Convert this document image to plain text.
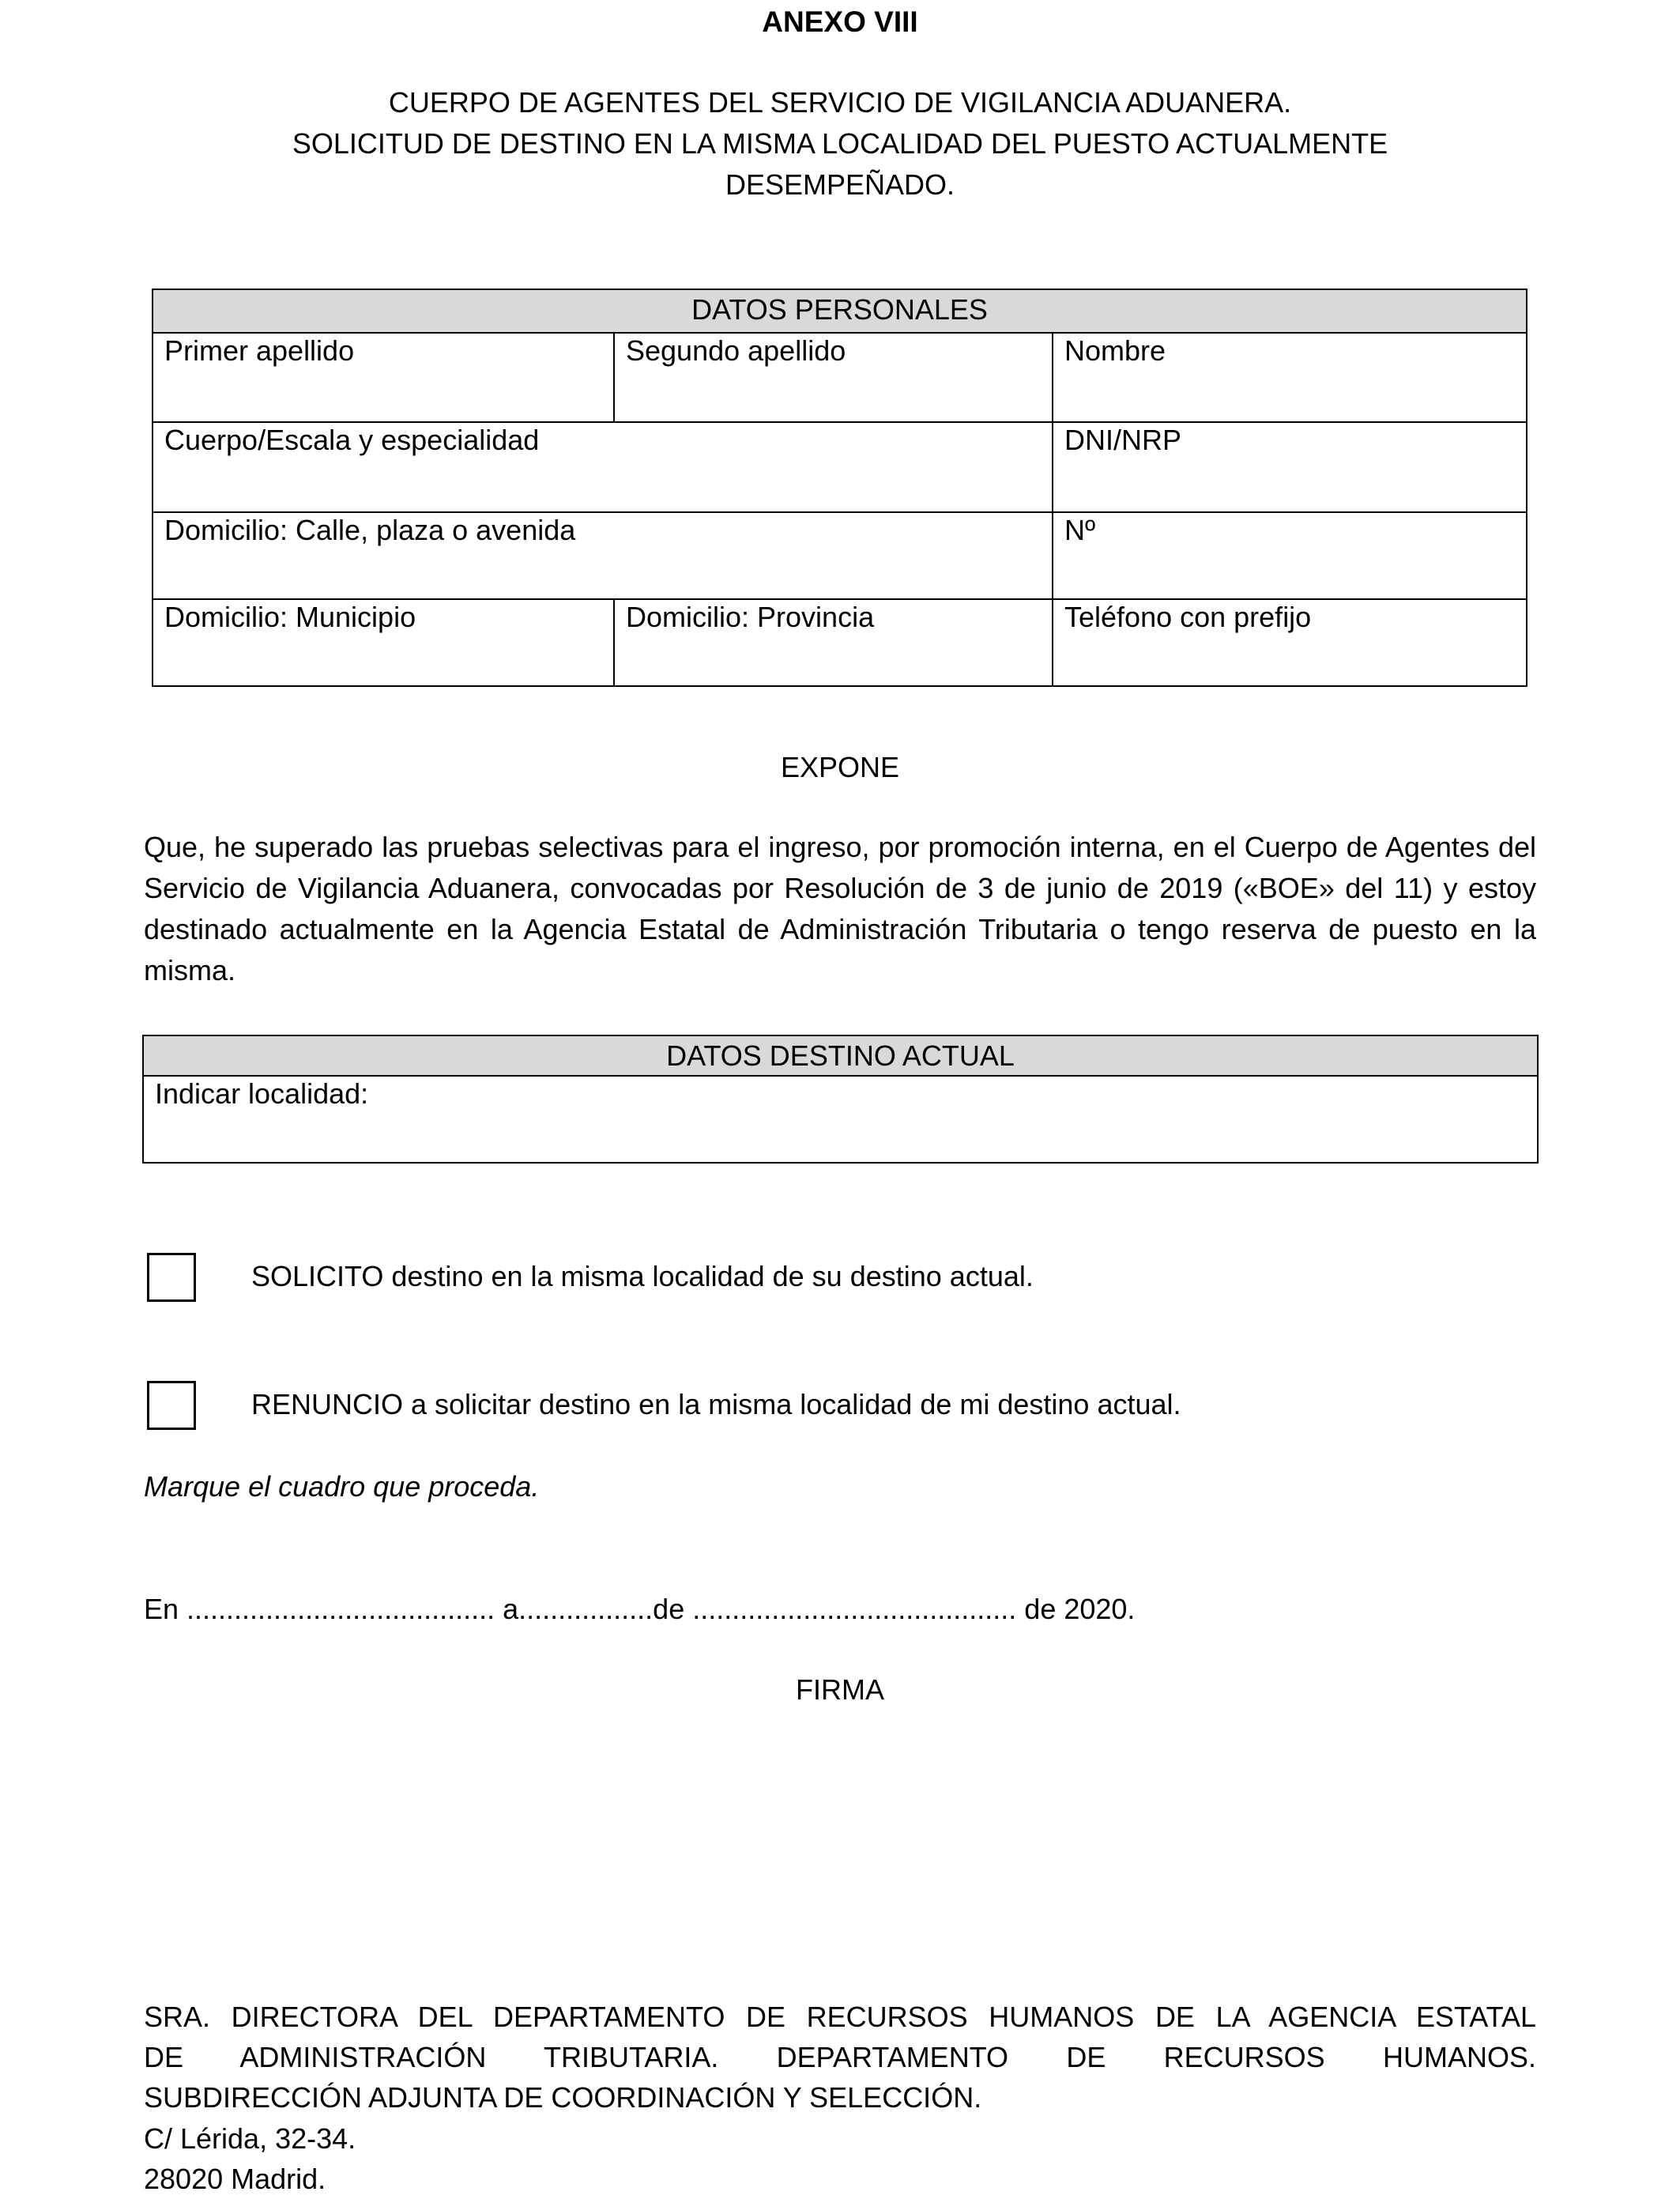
ANEXO VIII
CUERPO DE AGENTES DEL SERVICIO DE VIGILANCIA ADUANERA.
SOLICITUD DE DESTINO EN LA MISMA LOCALIDAD DEL PUESTO ACTUALMENTE
DESEMPEÑADO.
DATOS PERSONALES		
Primer apellido	Segundo apellido	Nombre
Cuerpo/Escala y especialidad		DNI/NRP
Domicilio: Calle, plaza o avenida		Nº
Domicilio: Municipio	Domicilio: Provincia	Teléfono con prefijo
EXPONE
Que, he superado las pruebas selectivas para el ingreso, por promoción interna, en el Cuerpo de Agentes del Servicio de Vigilancia Aduanera, convocadas por Resolución de 3 de junio de 2019 («BOE» del 11) y estoy destinado actualmente en la Agencia Estatal de Administración Tributaria o tengo reserva de puesto en la misma.
DATOS DESTINO ACTUAL
Indicar localidad:
SOLICITO destino en la misma localidad de su destino actual.
RENUNCIO a solicitar destino en la misma localidad de mi destino actual.
Marque el cuadro que proceda.
En ....................................... a.................de ......................................... de 2020.
FIRMA
SRA. DIRECTORA DEL DEPARTAMENTO DE RECURSOS HUMANOS DE LA AGENCIA ESTATAL
DE ADMINISTRACIÓN TRIBUTARIA. DEPARTAMENTO DE RECURSOS HUMANOS.
SUBDIRECCIÓN ADJUNTA DE COORDINACIÓN Y SELECCIÓN.
C/ Lérida, 32-34.
28020 Madrid.
